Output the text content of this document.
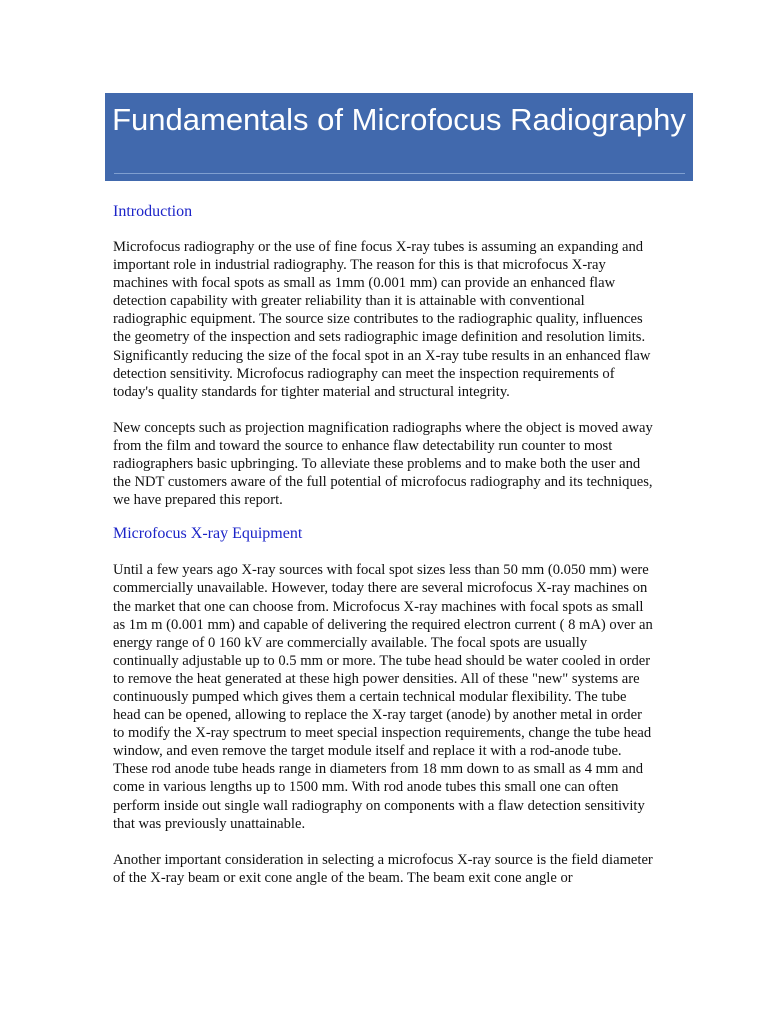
Fundamentals of Microfocus Radiography
Introduction

Microfocus radiography or the use of fine focus X-ray tubes is assuming an expanding and important role in industrial radiography. The reason for this is that microfocus X-ray machines with focal spots as small as 1mm (0.001 mm) can provide an enhanced flaw detection capability with greater reliability than it is attainable with conventional radiographic equipment. The source size contributes to the radiographic quality, influences the geometry of the inspection and sets radiographic image definition and resolution limits. Significantly reducing the size of the focal spot in an X-ray tube results in an enhanced flaw detection sensitivity. Microfocus radiography can meet the inspection requirements of today's quality standards for tighter material and structural integrity.

New concepts such as projection magnification radiographs where the object is moved away from the film and toward the source to enhance flaw detectability run counter to most radiographers basic upbringing. To alleviate these problems and to make both the user and the NDT customers aware of the full potential of microfocus radiography and its techniques, we have prepared this report.

Microfocus X-ray Equipment

Until a few years ago X-ray sources with focal spot sizes less than 50 mm (0.050 mm) were commercially unavailable. However, today there are several microfocus X-ray machines on the market that one can choose from. Microfocus X-ray machines with focal spots as small as 1m m (0.001 mm) and capable of delivering the required electron current ( 8 mA) over an energy range of 0 160 kV are commercially available. The focal spots are usually continually adjustable up to 0.5 mm or more. The tube head should be water cooled in order to remove the heat generated at these high power densities. All of these "new" systems are continuously pumped which gives them a certain technical modular flexibility. The tube head can be opened, allowing to replace the X-ray target (anode) by another metal in order to modify the X-ray spectrum to meet special inspection requirements, change the tube head window, and even remove the target module itself and replace it with a rod-anode tube. These rod anode tube heads range in diameters from 18 mm down to as small as 4 mm and come in various lengths up to 1500 mm. With rod anode tubes this small one can often perform inside out single wall radiography on components with a flaw detection sensitivity that was previously unattainable.

Another important consideration in selecting a microfocus X-ray source is the field diameter of the X-ray beam or exit cone angle of the beam. The beam exit cone angle or
